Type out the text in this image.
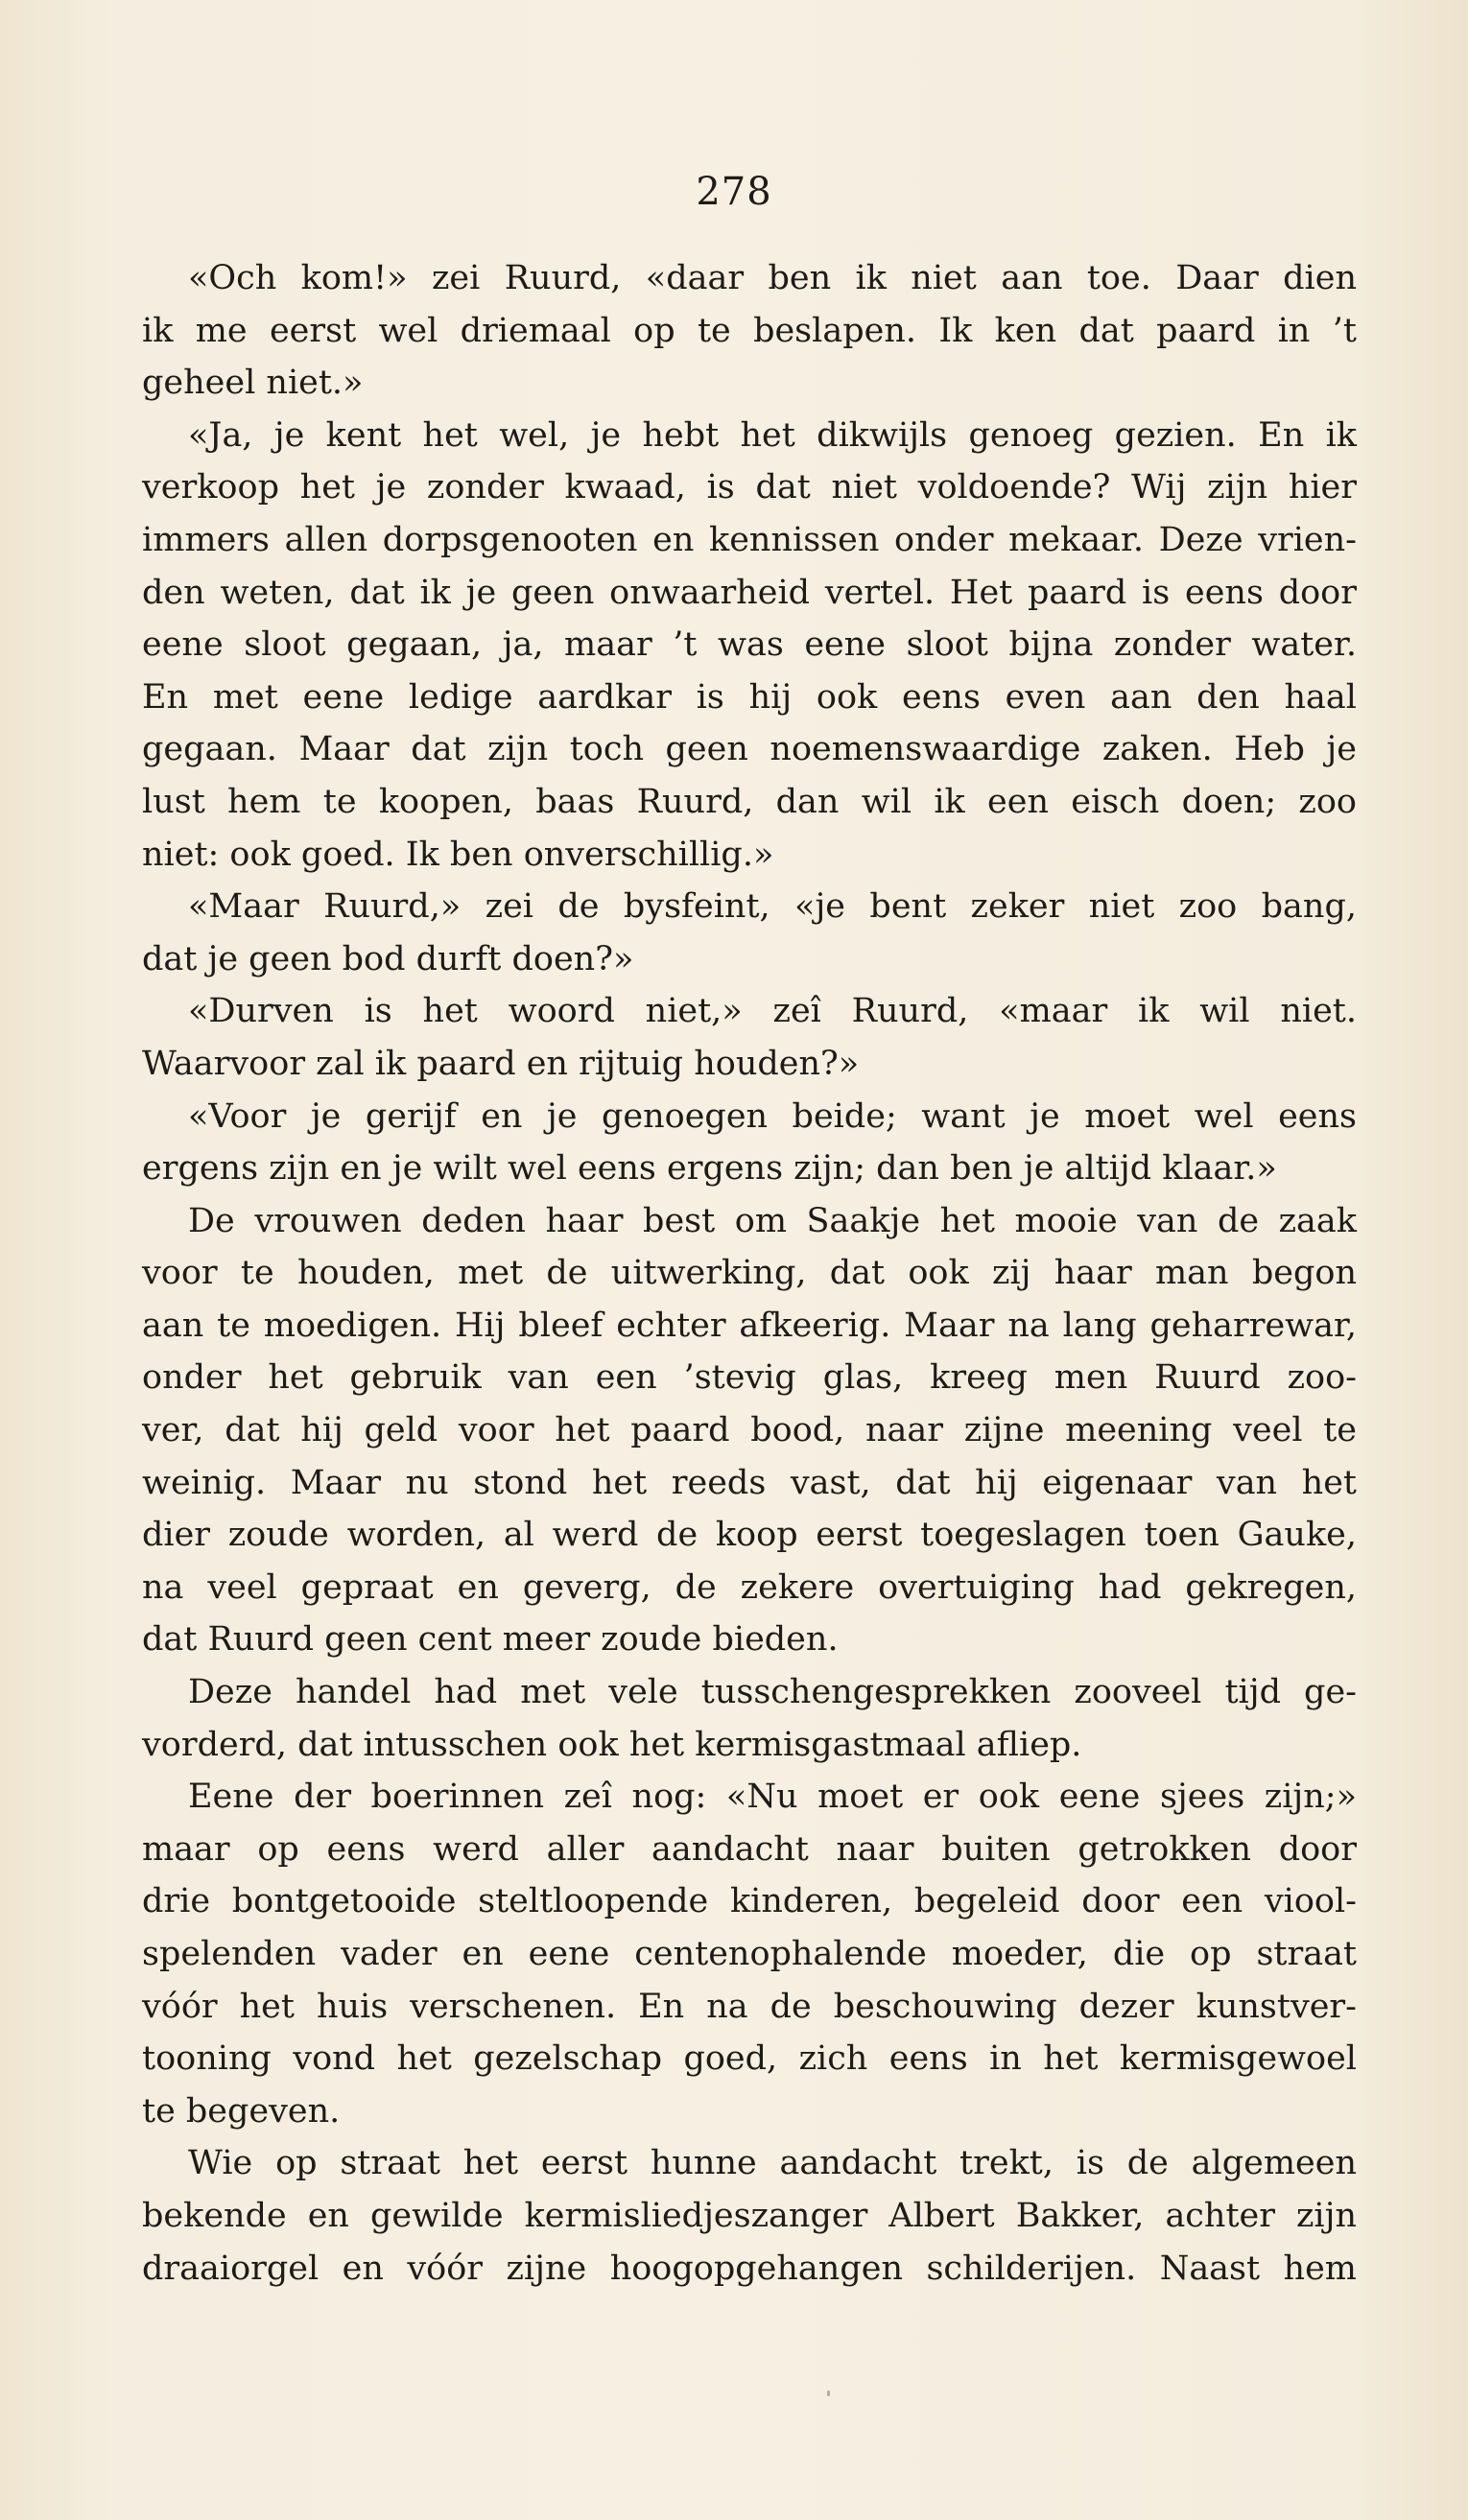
278
«Och kom!» zei Ruurd, «daar ben ik niet aan toe. Daar dien
ik me eerst wel driemaal op te beslapen. Ik ken dat paard in ’t
geheel niet.»
«Ja, je kent het wel, je hebt het dikwijls genoeg gezien. En ik
verkoop het je zonder kwaad, is dat niet voldoende? Wij zijn hier
immers allen dorpsgenooten en kennissen onder mekaar. Deze vrien-
den weten, dat ik je geen onwaarheid vertel. Het paard is eens door
eene sloot gegaan, ja, maar ’t was eene sloot bijna zonder water.
En met eene ledige aardkar is hij ook eens even aan den haal
gegaan. Maar dat zijn toch geen noemenswaardige zaken. Heb je
lust hem te koopen, baas Ruurd, dan wil ik een eisch doen; zoo
niet: ook goed. Ik ben onverschillig.»
«Maar Ruurd,» zei de bysfeint, «je bent zeker niet zoo bang,
dat je geen bod durft doen?»
«Durven is het woord niet,» zeî Ruurd, «maar ik wil niet.
Waarvoor zal ik paard en rijtuig houden?»
«Voor je gerijf en je genoegen beide; want je moet wel eens
ergens zijn en je wilt wel eens ergens zijn; dan ben je altijd klaar.»
De vrouwen deden haar best om Saakje het mooie van de zaak
voor te houden, met de uitwerking, dat ook zij haar man begon
aan te moedigen. Hij bleef echter afkeerig. Maar na lang geharrewar,
onder het gebruik van een ’stevig glas, kreeg men Ruurd zoo-
ver, dat hij geld voor het paard bood, naar zijne meening veel te
weinig. Maar nu stond het reeds vast, dat hij eigenaar van het
dier zoude worden, al werd de koop eerst toegeslagen toen Gauke,
na veel gepraat en geverg, de zekere overtuiging had gekregen,
dat Ruurd geen cent meer zoude bieden.
Deze handel had met vele tusschengesprekken zooveel tijd ge-
vorderd, dat intusschen ook het kermisgastmaal afliep.
Eene der boerinnen zeî nog: «Nu moet er ook eene sjees zijn;»
maar op eens werd aller aandacht naar buiten getrokken door
drie bontgetooide steltloopende kinderen, begeleid door een viool-
spelenden vader en eene centenophalende moeder, die op straat
vóór het huis verschenen. En na de beschouwing dezer kunstver-
tooning vond het gezelschap goed, zich eens in het kermisgewoel
te begeven.
Wie op straat het eerst hunne aandacht trekt, is de algemeen
bekende en gewilde kermisliedjeszanger Albert Bakker, achter zijn
draaiorgel en vóór zijne hoogopgehangen schilderijen. Naast hem
